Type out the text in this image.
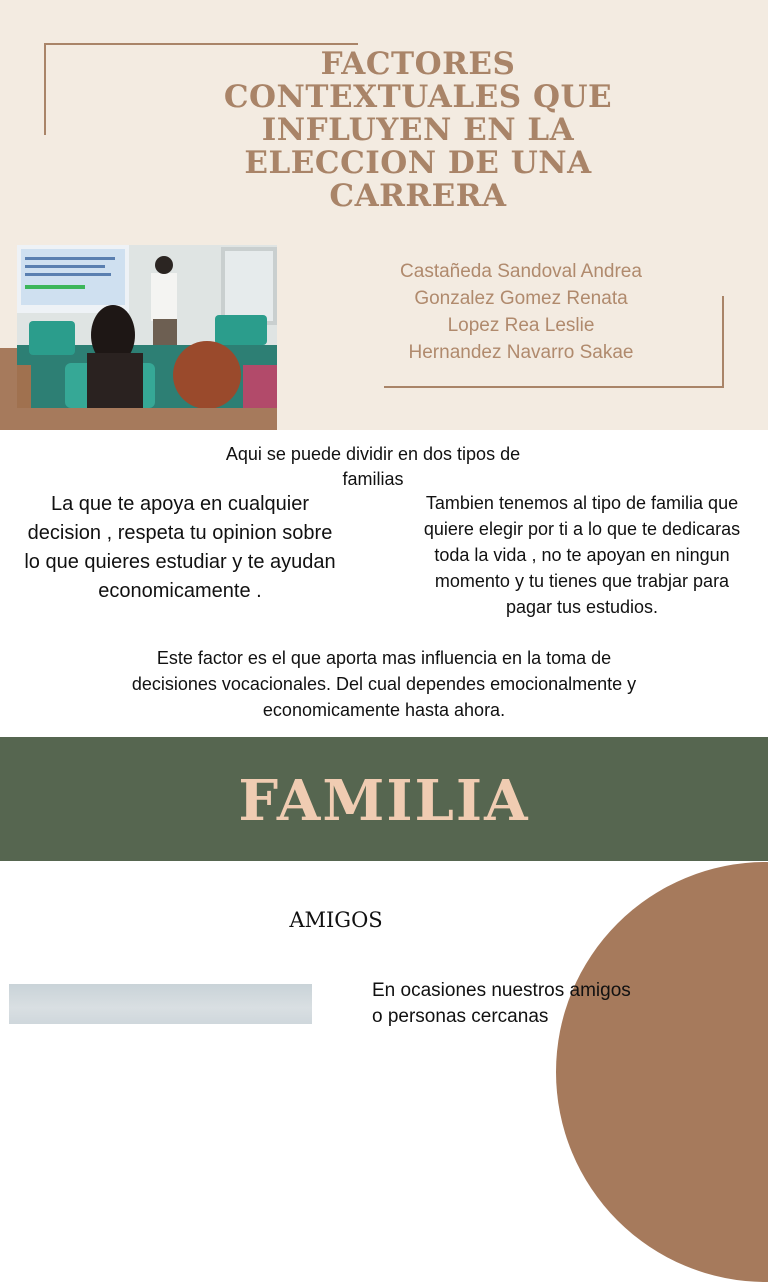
FACTORES
CONTEXTUALES QUE
INFLUYEN EN LA
ELECCION DE UNA
CARRERA
Castañeda Sandoval Andrea
Gonzalez Gomez Renata
Lopez Rea Leslie
Hernandez Navarro Sakae
Aqui se puede dividir en dos tipos de familias
La que te apoya en cualquier decision , respeta tu opinion sobre lo que quieres estudiar y te ayudan economicamente .
Tambien tenemos al tipo de familia que quiere elegir por ti a lo que te dedicaras toda la vida , no te apoyan en ningun momento y tu tienes que trabjar para pagar tus estudios.
Este factor es el que aporta mas influencia en la toma de decisiones vocacionales. Del cual dependes emocionalmente y economicamente hasta ahora.
FAMILIA
AMIGOS
En ocasiones nuestros amigos o personas cercanas
